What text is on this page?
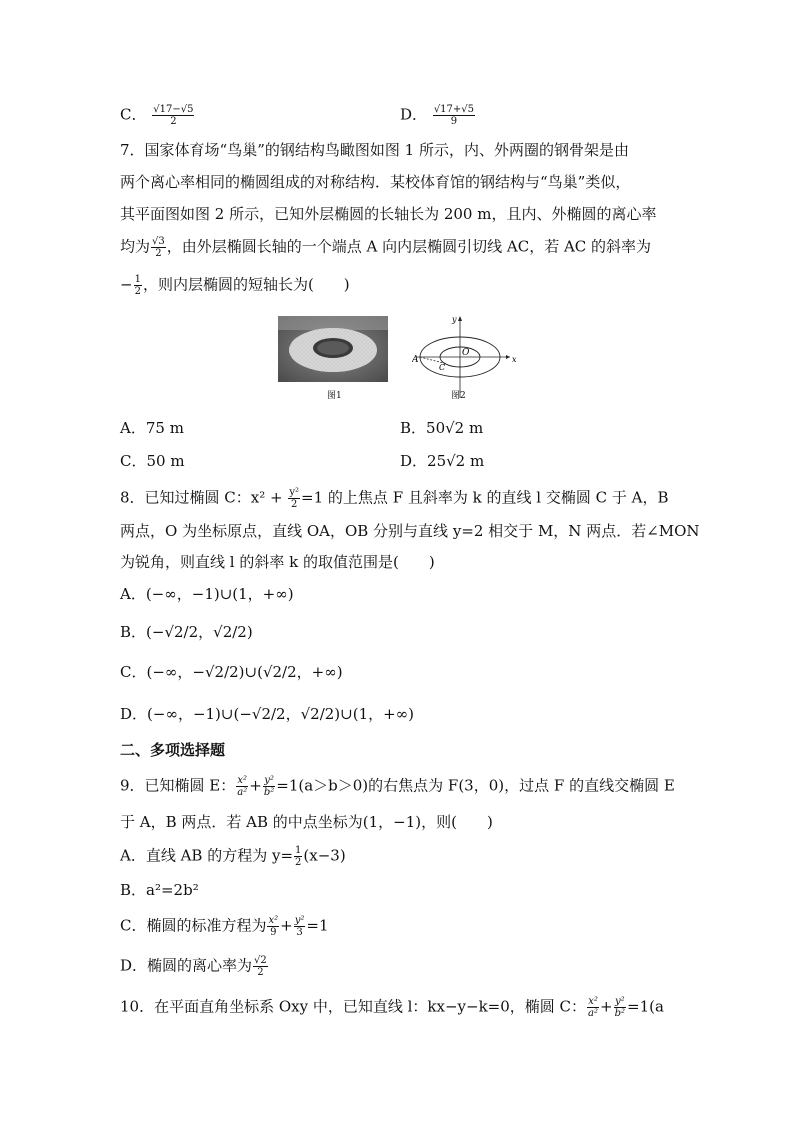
C． $\frac{√17-√5}{2}$	D． $\frac{√17+√5}{9}$
7．国家体育场“鸟巢”的钢结构鸟瞰图如图 1 所示，内、外两圈的钢骨架是由
两个离心率相同的椭圆组成的对称结构．某校体育馆的钢结构与“鸟巢”类似，
其平面图如图 2 所示，已知外层椭圆的长轴长为 200 m，且内、外椭圆的离心率
均为 $\frac{√3}{2}$ ，由外层椭圆长轴的一个端点 A 向内层椭圆引切线 AC，若 AC 的斜率为
− $\frac{1}{2}$ ，则内层椭圆的短轴长为(　　)
图1
A
C
O
y
x
图2
A．75 m	B．50√2 m
C．50 m	D．25√2 m
8．已知过椭圆 C：$x^2 + \frac{\text{y²}}{2} =1$ 的上焦点 F 且斜率为 k 的直线 l 交椭圆 C 于 A，B
两点，O 为坐标原点，直线 OA，OB 分别与直线 y=2 相交于 M，N 两点．若∠MON
为锐角，则直线 l 的斜率 k 的取值范围是(　　)
A．(−∞，−1)∪(1，+∞)
B．(−√2/2，√2/2)
C．(−∞，−√2/2)∪(√2/2，+∞)
D．(−∞，−1)∪(−√2/2，√2/2)∪(1，+∞)
二、多项选择题
9．已知椭圆 E： $\frac{\text{x²}}{\text{a²}} + \frac{\text{y²}}{\text{b²}} =1(a>b>0)$的右焦点为 F(3，0)，过点 F 的直线交椭圆 E
于 A，B 两点．若 AB 的中点坐标为(1，−1)，则(　　)
A．直线 AB 的方程为 $y= \frac{1}{2} (x-3)$
B．a²=2b²
C．椭圆的标准方程为 $\frac{\text{x²}}{9} + \frac{\text{y²}}{3} =1$
D．椭圆的离心率为 $\frac{√2}{2}$
10．在平面直角坐标系 Oxy 中，已知直线 l：kx−y−k=0，椭圆 C： $\frac{\text{x²}}{\text{a²}} + \frac{\text{y²}}{\text{b²}} =1(a$
